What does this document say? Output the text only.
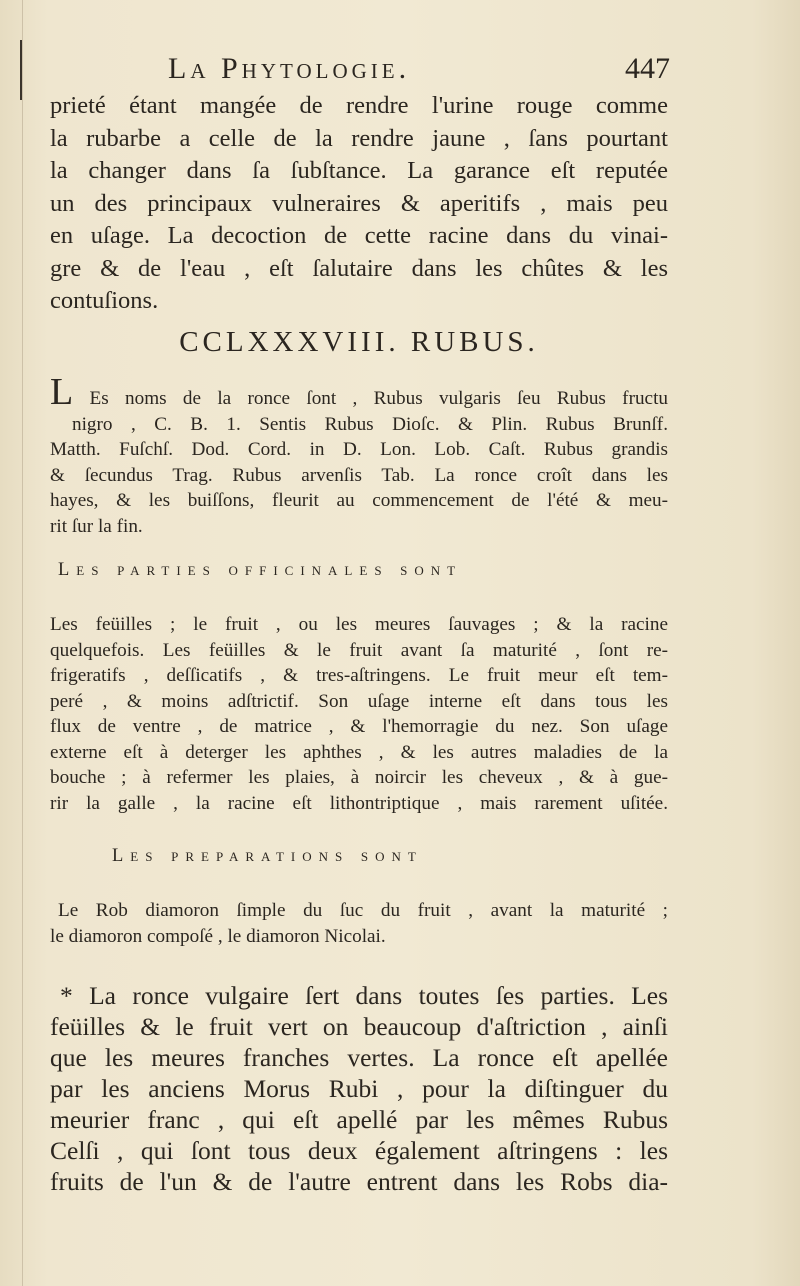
La Phytologie.	447
prieté étant mangée de rendre l'urine rouge comme
la rubarbe a celle de la rendre jaune , ſans pourtant
la changer dans ſa ſubſtance. La garance eſt reputée
un des principaux vulneraires & aperitifs , mais peu
en uſage. La decoction de cette racine dans du vinai-
gre & de l'eau , eſt ſalutaire dans les chûtes & les
contuſions.
CCLXXXVIII. RUBUS.
L Es noms de la ronce ſont , Rubus vulgaris ſeu Rubus fructu
nigro , C. B. 1. Sentis Rubus Dioſc. & Plin. Rubus Brunſf.
Matth. Fuſchſ. Dod. Cord. in D. Lon. Lob. Caſt. Rubus grandis
& ſecundus Trag. Rubus arvenſis Tab. La ronce croît dans les
hayes, & les buiſſons, fleurit au commencement de l'été & meu-
rit ſur la fin.
Les parties officinales sont
Les feüilles ; le fruit , ou les meures ſauvages ; & la racine
quelquefois. Les feüilles & le fruit avant ſa maturité , ſont re-
frigeratifs , deſſicatifs , & tres-aſtringens. Le fruit meur eſt tem-
peré , & moins adſtrictif. Son uſage interne eſt dans tous les
flux de ventre , de matrice , & l'hemorragie du nez. Son uſage
externe eſt à deterger les aphthes , & les autres maladies de la
bouche ; à refermer les plaies, à noircir les cheveux , & à gue-
rir la galle , la racine eſt lithontriptique , mais rarement uſitée.
Les preparations sont
Le Rob diamoron ſimple du ſuc du fruit , avant la maturité ;
le diamoron compoſé , le diamoron Nicolai.
* La ronce vulgaire ſert dans toutes ſes parties. Les
feüilles & le fruit vert on beaucoup d'aſtriction , ainſi
que les meures franches vertes. La ronce eſt apellée
par les anciens Morus Rubi , pour la diſtinguer du
meurier franc , qui eſt apellé par les mêmes Rubus
Celſi , qui ſont tous deux également aſtringens : les
fruits de l'un & de l'autre entrent dans les Robs dia-
